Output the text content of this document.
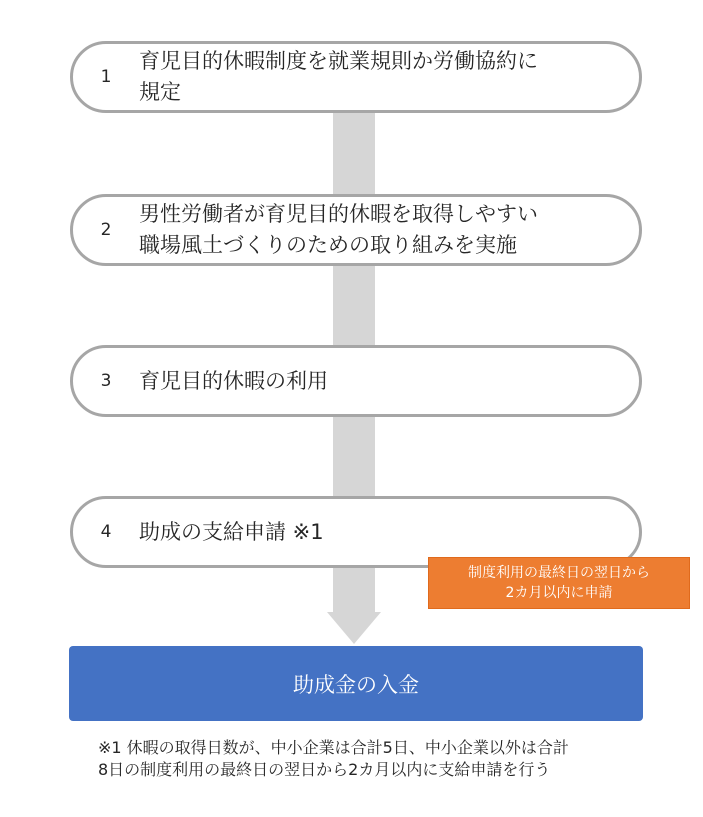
1
育児目的休暇制度を就業規則か労働協約に
規定
2
男性労働者が育児目的休暇を取得しやすい
職場風土づくりのための取り組みを実施
3	育児目的休暇の利用
4	助成の支給申請 ※1
制度利用の最終日の翌日から
2カ月以内に申請
助成金の入金
※1 休暇の取得日数が、中小企業は合計5日、中小企業以外は合計
8日の制度利用の最終日の翌日から2カ月以内に支給申請を行う
